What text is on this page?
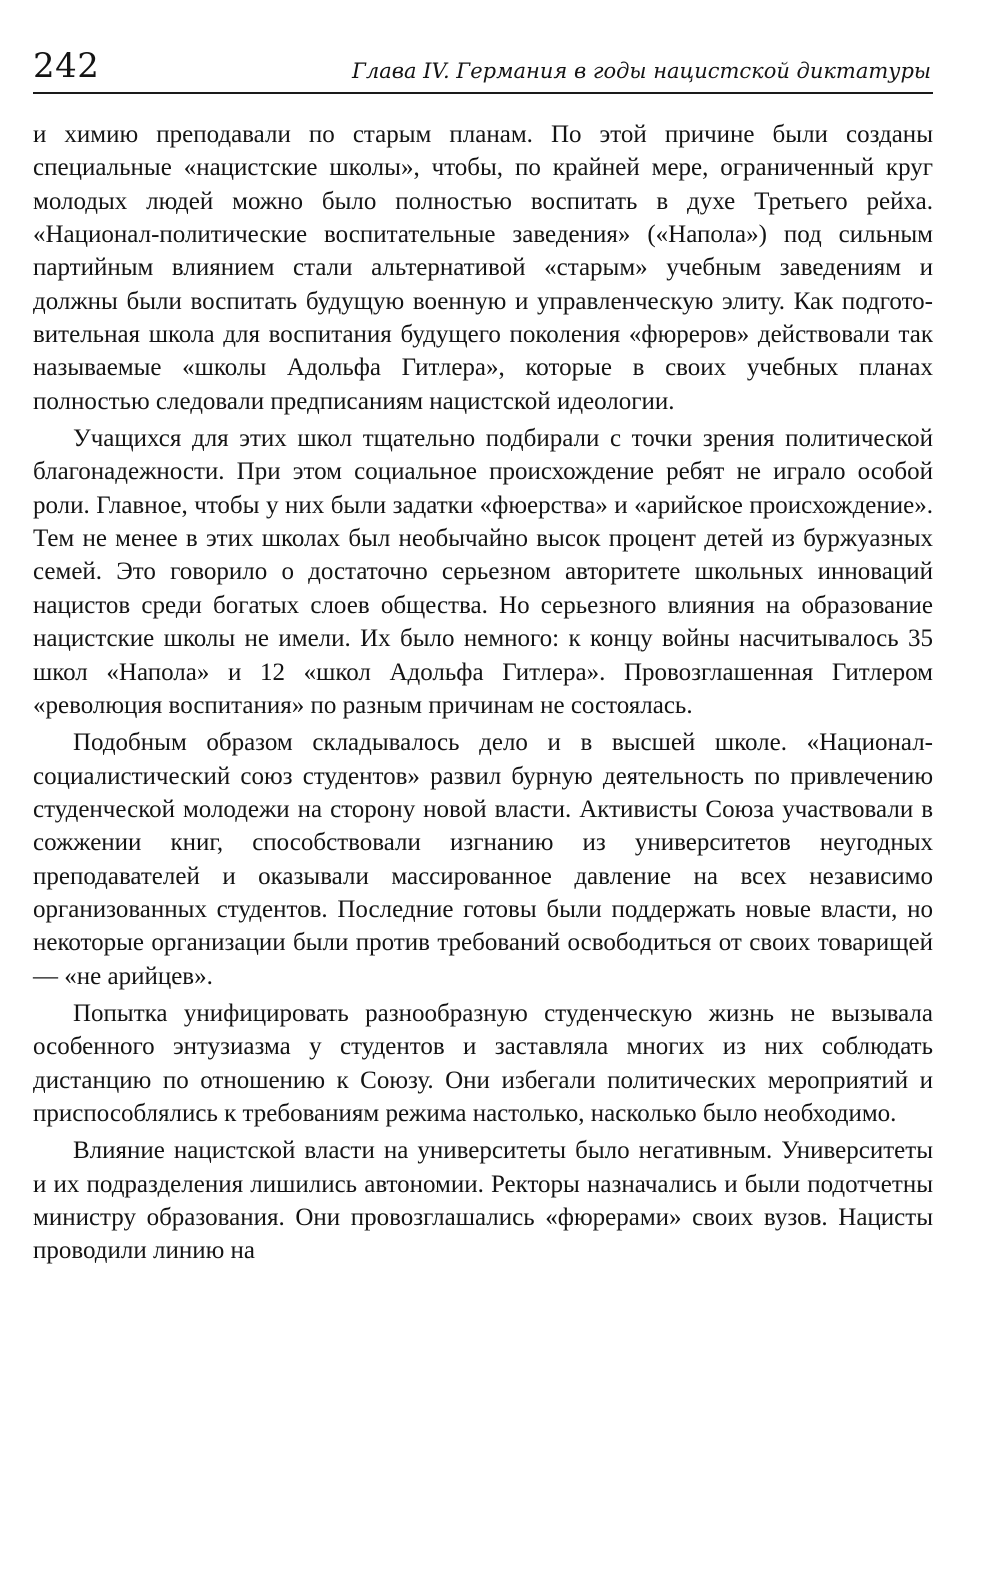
242	Глава IV. Германия в годы нацистской диктатуры

и химию преподавали по старым планам. По этой причине были созданы специальные «нацистские школы», чтобы, по крайней мере, ограниченный круг молодых людей можно было полностью воспитать в духе Третьего рейха. «Национал-политические воспитательные заведения» («Напола») под сильным партийным влиянием стали альтернативой «старым» учебным заведениям и должны были воспитать будущую военную и управленческую элиту. Как подготовительная школа для воспитания будущего поколения «фюреров» действовали так называемые «школы Адольфа Гитлера», которые в своих учебных планах полностью следовали предписаниям нацистской идеологии.

Учащихся для этих школ тщательно подбирали с точки зрения политической благонадежности. При этом социальное происхождение ребят не играло особой роли. Главное, чтобы у них были задатки «фюерства» и «арийское происхождение». Тем не менее в этих школах был необычайно высок процент детей из буржуазных семей. Это говорило о достаточно серьезном авторитете школьных инноваций нацистов среди богатых слоев общества. Но серьезного влияния на образование нацистские школы не имели. Их было немного: к концу войны насчитывалось 35 школ «Напола» и 12 «школ Адольфа Гитлера». Провозглашенная Гитлером «революция воспитания» по разным причинам не состоялась.

Подобным образом складывалось дело и в высшей школе. «Национал-социалистический союз студентов» развил бурную деятельность по привлечению студенческой молодежи на сторону новой власти. Активисты Союза участвовали в сожжении книг, способствовали изгнанию из университетов неугодных преподавателей и оказывали массированное давление на всех независимо организованных студентов. Последние готовы были поддержать новые власти, но некоторые организации были против требований освободиться от своих товарищей — «не арийцев».

Попытка унифицировать разнообразную студенческую жизнь не вызывала особенного энтузиазма у студентов и заставляла многих из них соблюдать дистанцию по отношению к Союзу. Они избегали политических мероприятий и приспособлялись к требованиям режима настолько, насколько было необходимо.

Влияние нацистской власти на университеты было негативным. Университеты и их подразделения лишились автономии. Ректоры назначались и были подотчетны министру образования. Они провозглашались «фюрерами» своих вузов. Нацисты проводили линию на
